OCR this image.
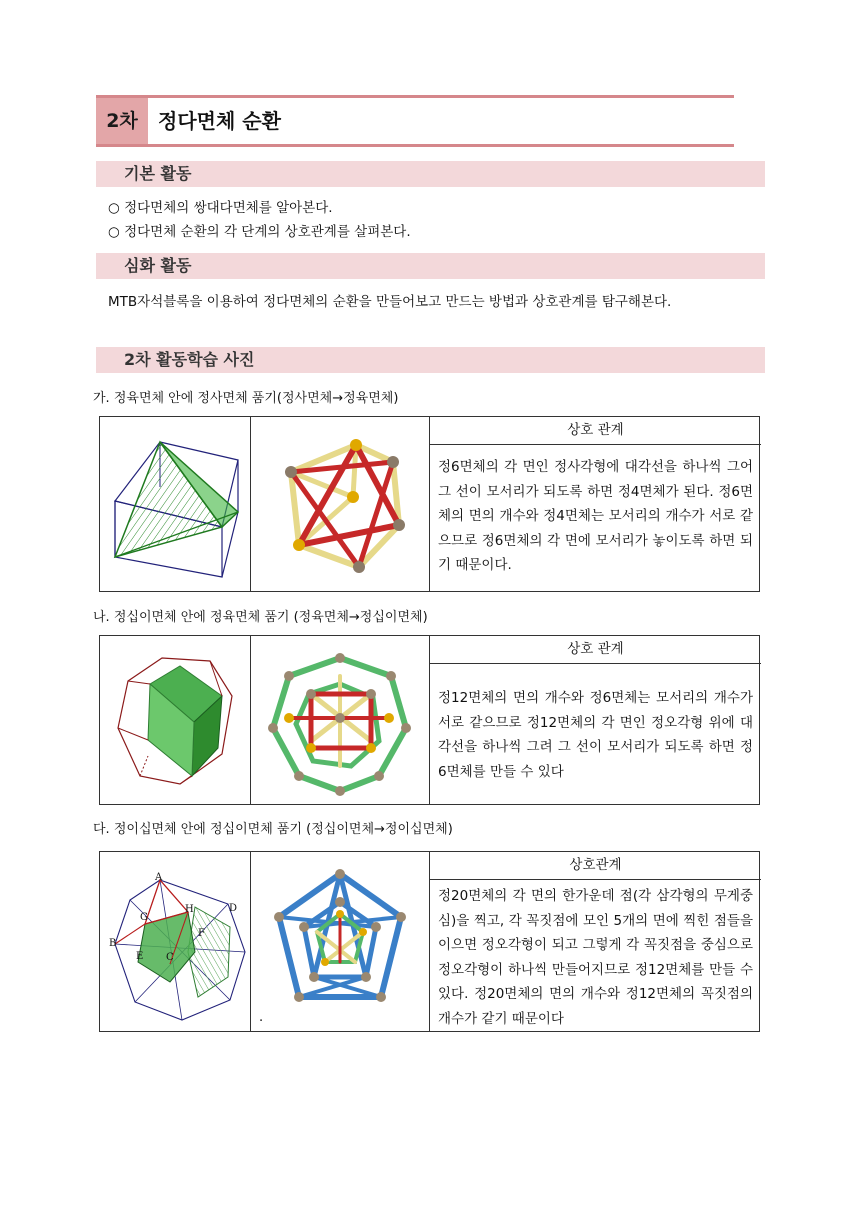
2차	정다면체 순환
기본 활동
○ 정다면체의 쌍대다면체를 알아본다.
○ 정다면체 순환의 각 단계의 상호관계를 살펴본다.
심화 활동
MTB자석블록을 이용하여 정다면체의 순환을 만들어보고 만드는 방법과 상호관계를 탐구해본다.
2차 활동학습 사진
가. 정육면체 안에 정사면체 품기(정사면체→정육면체)
상호 관계
정6면체의 각 면인 정사각형에 대각선을 하나씩 그어 그 선이 모서리가 되도록 하면 정4면체가 된다. 정6면체의 면의 개수와 정4면체는 모서리의 개수가 서로 같으므로 정6면체의 각 면에 모서리가 놓이도록 하면 되기 때문이다.
나. 정십이면체 안에 정육면체 품기 (정육면체→정십이면체)
상호 관계
정12면체의 면의 개수와 정6면체는 모서리의 개수가 서로 같으므로 정12면체의 각 면인 정오각형 위에 대각선을 하나씩 그려 그 선이 모서리가 되도록 하면 정6면체를 만들 수 있다
다. 정이십면체 안에 정십이면체 품기 (정십이면체→정이십면체)
A
B
C
D
E
F
G
H
.
상호관계
정20면체의 각 면의 한가운데 점(각 삼각형의 무게중심)을 찍고, 각 꼭짓점에 모인 5개의 면에 찍힌 점들을 이으면 정오각형이 되고 그렇게 각 꼭짓점을 중심으로 정오각형이 하나씩 만들어지므로 정12면체를 만들 수 있다. 정20면체의 면의 개수와 정12면체의 꼭짓점의 개수가 같기 때문이다
